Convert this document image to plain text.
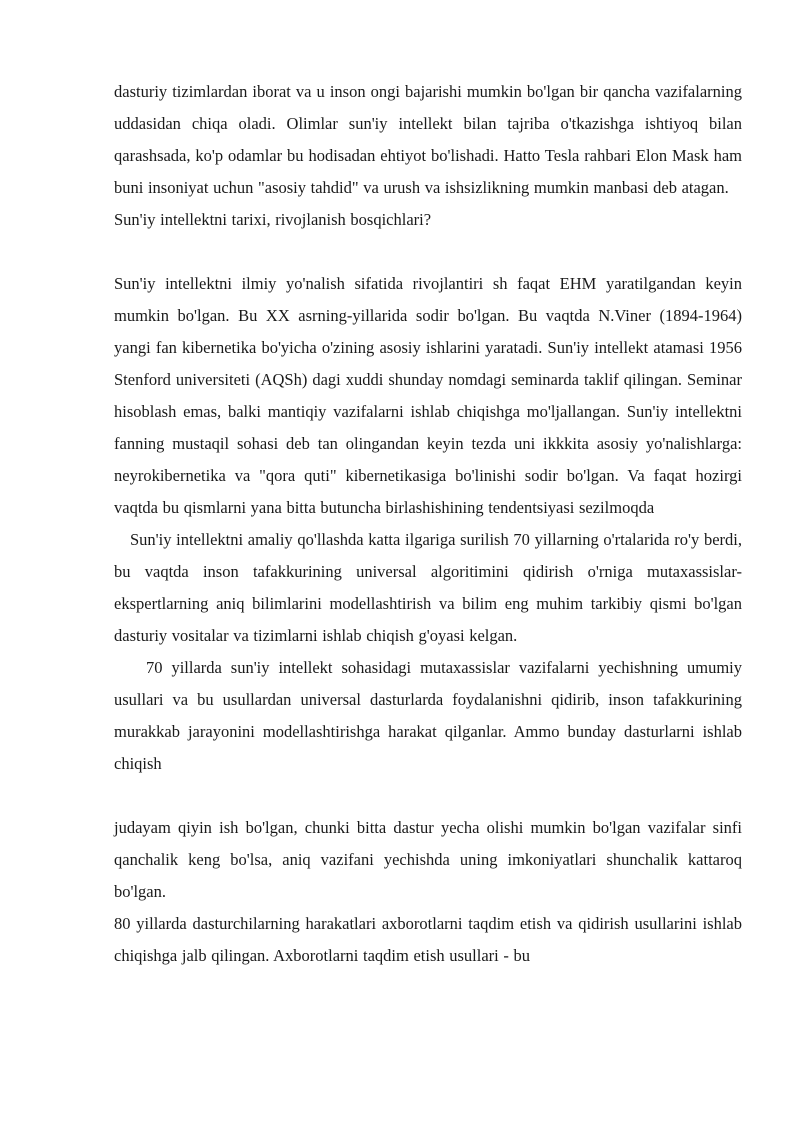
dasturiy tizimlardan iborat va u inson ongi bajarishi mumkin bo'lgan bir qancha vazifalarning uddasidan chiqa oladi. Olimlar sun'iy intellekt bilan tajriba o'tkazishga ishtiyoq bilan qarashsada, ko'p odamlar bu hodisadan ehtiyot bo'lishadi. Hatto Tesla rahbari Elon Mask ham buni insoniyat uchun "asosiy tahdid" va urush va ishsizlikning mumkin manbasi deb atagan.

Sun'iy intellektni tarixi, rivojlanish bosqichlari?

Sun'iy intellektni ilmiy yo'nalish sifatida rivojlantiri sh faqat EHM yaratilgandan keyin mumkin bo'lgan. Bu XX asrning-yillarida sodir bo'lgan. Bu vaqtda N.Viner (1894-1964) yangi fan kibernetika bo'yicha o'zining asosiy ishlarini yaratadi. Sun'iy intellekt atamasi 1956 Stenford universiteti (AQSh) dagi xuddi shunday nomdagi seminarda taklif qilingan. Seminar hisoblash emas, balki mantiqiy vazifalarni ishlab chiqishga mo'ljallangan. Sun'iy intellektni fanning mustaqil sohasi deb tan olingandan keyin tezda uni ikkkita asosiy yo'nalishlarga: neyrokibernetika va "qora quti" kibernetikasiga bo'linishi sodir bo'lgan. Va faqat hozirgi vaqtda bu qismlarni yana bitta butuncha birlashishining tendentsiyasi sezilmoqda

Sun'iy intellektni amaliy qo'llashda katta ilgariga surilish 70 yillarning o'rtalarida ro'y berdi, bu vaqtda inson tafakkurining universal algoritimini qidirish o'rniga mutaxassislar-ekspertlarning aniq bilimlarini modellashtirish va bilim eng muhim tarkibiy qismi bo'lgan dasturiy vositalar va tizimlarni ishlab chiqish g'oyasi kelgan.

70 yillarda sun'iy intellekt sohasidagi mutaxassislar vazifalarni yechishning umumiy usullari va bu usullardan universal dasturlarda foydalanishni qidirib, inson tafakkurining murakkab jarayonini modellashtirishga harakat qilganlar. Ammo bunday dasturlarni ishlab chiqish

judayam qiyin ish bo'lgan, chunki bitta dastur yecha olishi mumkin bo'lgan vazifalar sinfi qanchalik keng bo'lsa, aniq vazifani yechishda uning imkoniyatlari shunchalik kattaroq bo'lgan.

80 yillarda dasturchilarning harakatlari axborotlarni taqdim etish va qidirish usullarini ishlab chiqishga jalb qilingan. Axborotlarni taqdim etish usullari - bu
